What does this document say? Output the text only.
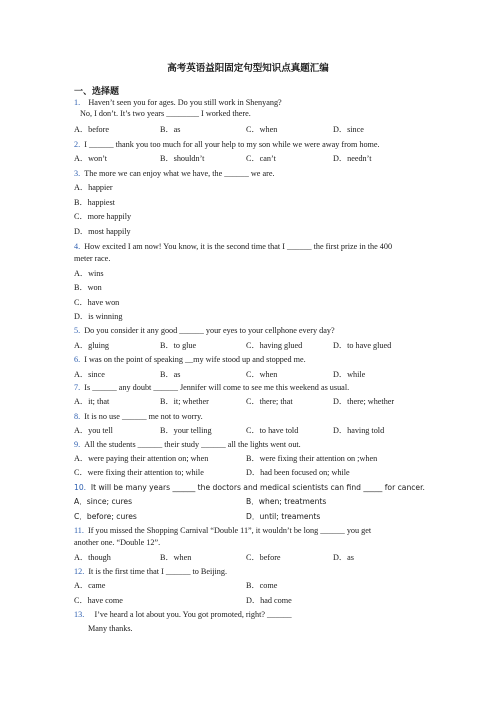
高考英语益阳固定句型知识点真题汇编
一、选择题
1. Haven’t seen you for ages. Do you still work in Shenyang?
No, I don’t. It’s two years ________ I worked there.
A．before	B．as	C．when	D．since
2. I ______ thank you too much for all your help to my son while we were away from home.
A．won’t	B．shouldn’t	C．can’t	D．needn’t
3. The more we can enjoy what we have, the ______ we are.
A．happier
B．happiest
C．more happily
D．most happily
4. How excited I am now! You know, it is the second time that I ______ the first prize in the 400
meter race.
A．wins
B．won
C．have won
D．is winning
5. Do you consider it any good ______ your eyes to your cellphone every day?
A．gluing	B．to glue	C．having glued	D．to have glued
6. I was on the point of speaking __my wife stood up and stopped me.
A．since	B．as	C．when	D．while
7. Is ______ any doubt ______ Jennifer will come to see me this weekend as usual.
A．it; that	B．it; whether	C．there; that	D．there; whether
8. It is no use ______ me not to worry.
A．you tell	B．your telling	C．to have told	D．having told
9. All the students ______ their study ______ all the lights went out.
A．were paying their attention on; when	B．were fixing their attention on ;when
C．were fixing their attention to; while	D．had been focused on; while
10. It will be many years ______ the doctors and medical scientists can find _____ for cancer.
A．since; cures	B．when; treatments
C．before; cures	D．until; treaments
11. If you missed the Shopping Carnival “Double 11”, it wouldn’t be long ______ you get
another one. “Double 12”.
A．though	B．when	C．before	D．as
12. It is the first time that I ______ to Beijing.
A．came	B．come
C．have come	D．had come
13. I’ve heard a lot about you. You got promoted, right? ______
Many thanks.
